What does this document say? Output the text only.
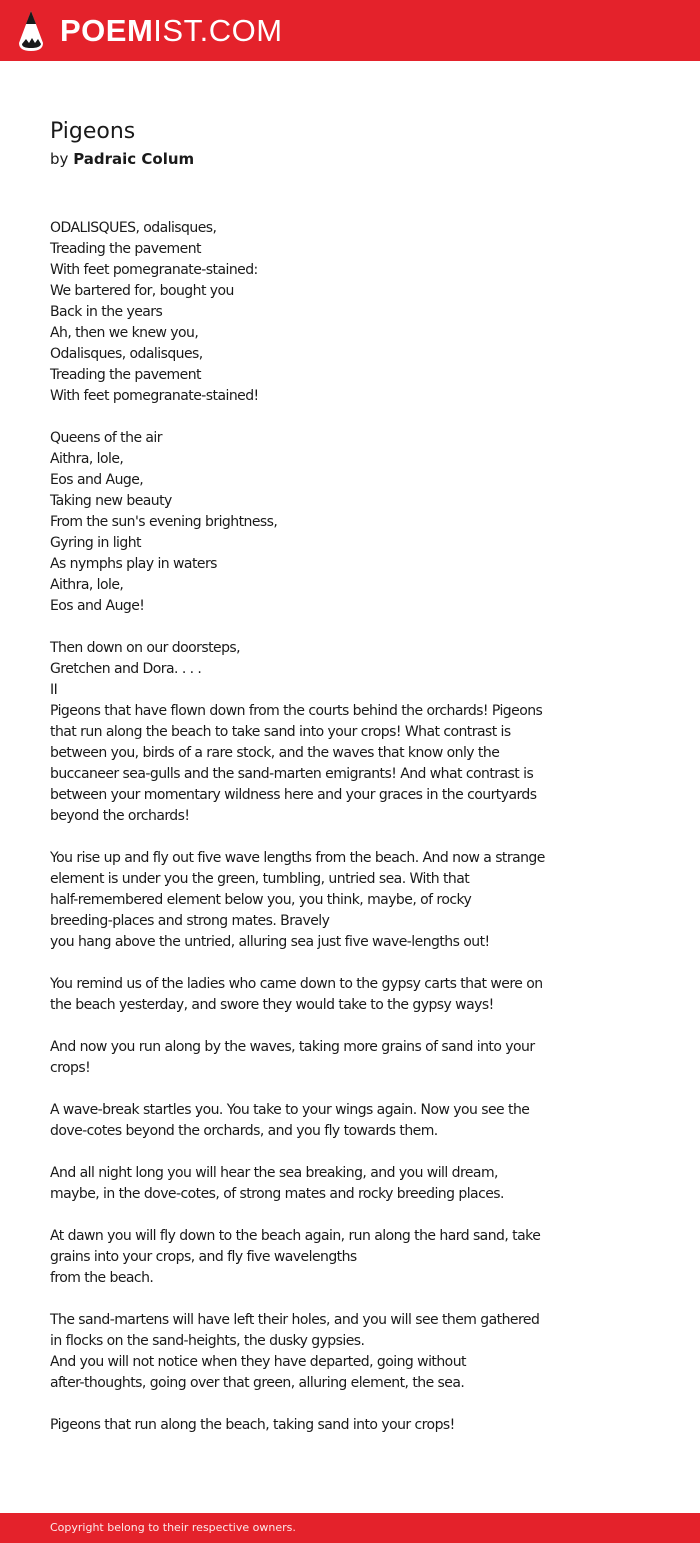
POEMIST.COM
Pigeons
by Padraic Colum
ODALISQUES, odalisques,
Treading the pavement
With feet pomegranate-stained:
We bartered for, bought you
Back in the years
Ah, then we knew you,
Odalisques, odalisques,
Treading the pavement
With feet pomegranate-stained!
Queens of the air
Aithra, lole,
Eos and Auge,
Taking new beauty
From the sun's evening brightness,
Gyring in light
As nymphs play in waters
Aithra, lole,
Eos and Auge!
Then down on our doorsteps,
Gretchen and Dora. . . .
II
Pigeons that have flown down from the courts behind the orchards! Pigeons
that run along the beach to take sand into your crops! What contrast is
between you, birds of a rare stock, and the waves that know only the
buccaneer sea-gulls and the sand-marten emigrants! And what contrast is
between your momentary wildness here and your graces in the courtyards
beyond the orchards!
You rise up and fly out five wave lengths from the beach. And now a strange
element is under you the green, tumbling, untried sea. With that
half-remembered element below you, you think, maybe, of rocky
breeding-places and strong mates. Bravely
you hang above the untried, alluring sea just five wave-lengths out!
You remind us of the ladies who came down to the gypsy carts that were on
the beach yesterday, and swore they would take to the gypsy ways!
And now you run along by the waves, taking more grains of sand into your
crops!
A wave-break startles you. You take to your wings again. Now you see the
dove-cotes beyond the orchards, and you fly towards them.
And all night long you will hear the sea breaking, and you will dream,
maybe, in the dove-cotes, of strong mates and rocky breeding places.
At dawn you will fly down to the beach again, run along the hard sand, take
grains into your crops, and fly five wavelengths
from the beach.
The sand-martens will have left their holes, and you will see them gathered
in flocks on the sand-heights, the dusky gypsies.
And you will not notice when they have departed, going without
after-thoughts, going over that green, alluring element, the sea.
Pigeons that run along the beach, taking sand into your crops!
Copyright belong to their respective owners.
